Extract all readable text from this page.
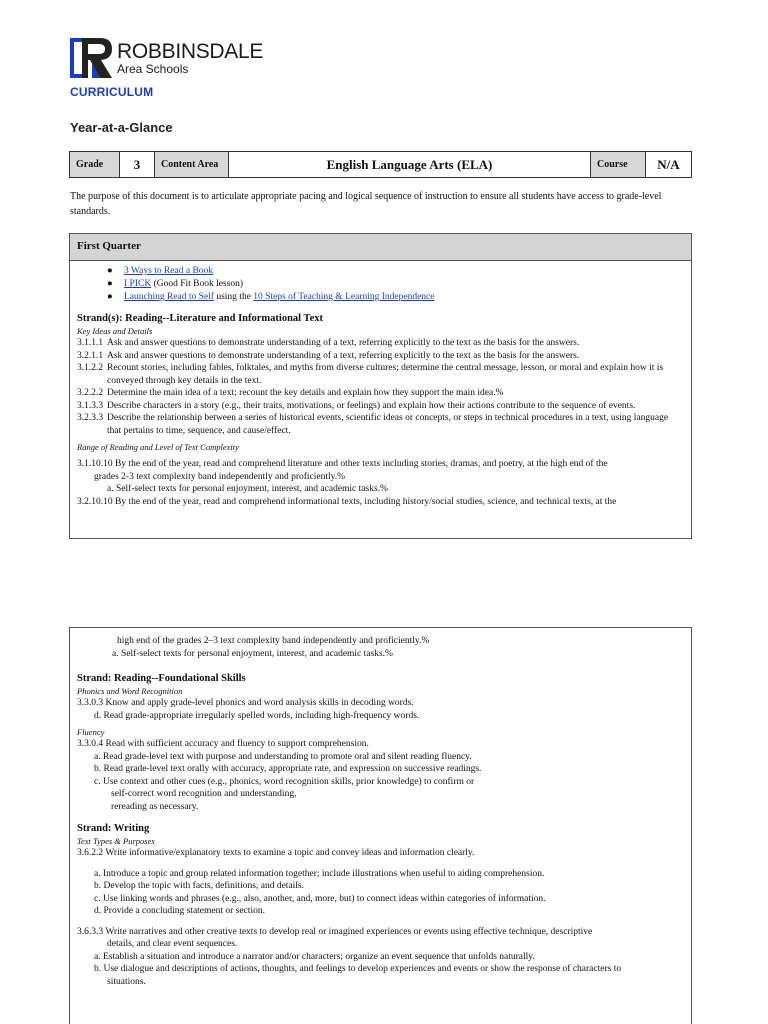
ROBBINSDALE
Area Schools
CURRICULUM
Year-at-a-Glance
Grade	3	Content Area	English Language Arts (ELA)	Course	N/A
The purpose of this document is to articulate appropriate pacing and logical sequence of instruction to ensure all students have access to grade-level standards.
First Quarter
● 3 Ways to Read a Book
● I PICK (Good Fit Book lesson)
● Launching Read to Self using the 10 Steps of Teaching & Learning Independence
Strand(s): Reading--Literature and Informational Text
Key Ideas and Details
3.1.1.1 Ask and answer questions to demonstrate understanding of a text, referring explicitly to the text as the basis for the answers.
3.2.1.1 Ask and answer questions to demonstrate understanding of a text, referring explicitly to the text as the basis for the answers.
3.1.2.2 Recount stories, including fables, folktales, and myths from diverse cultures; determine the central message, lesson, or moral and explain how it is conveyed through key details in the text.
3.2.2.2 Determine the main idea of a text; recount the key details and explain how they support the main idea.%
3.1.3.3 Describe characters in a story (e.g., their traits, motivations, or feelings) and explain how their actions contribute to the sequence of events.
3.2.3.3 Describe the relationship between a series of historical events, scientific ideas or concepts, or steps in technical procedures in a text, using language that pertains to time, sequence, and cause/effect.
Range of Reading and Level of Text Complexity
3.1.10.10 By the end of the year, read and comprehend literature and other texts including stories, dramas, and poetry, at the high end of the
grades 2-3 text complexity band independently and proficiently.%
a. Self-select texts for personal enjoyment, interest, and academic tasks.%
3.2.10.10 By the end of the year, read and comprehend informational texts, including history/social studies, science, and technical texts, at the
high end of the grades 2–3 text complexity band independently and proficiently.%
a. Self-select texts for personal enjoyment, interest, and academic tasks.%
Strand: Reading--Foundational Skills
Phonics and Word Recognition
3.3.0.3 Know and apply grade-level phonics and word analysis skills in decoding words.
d. Read grade-appropriate irregularly spelled words, including high-frequency words.
Fluency
3.3.0.4 Read with sufficient accuracy and fluency to support comprehension.
a. Read grade-level text with purpose and understanding to promote oral and silent reading fluency.
b. Read grade-level text orally with accuracy, appropriate rate, and expression on successive readings.
c. Use context and other cues (e.g., phonics, word recognition skills, prior knowledge) to confirm or
self-correct word recognition and understanding,
rereading as necessary.
Strand: Writing
Text Types & Purposes
3.6.2.2 Write informative/explanatory texts to examine a topic and convey ideas and information clearly.
a. Introduce a topic and group related information together; include illustrations when useful to aiding comprehension.
b. Develop the topic with facts, definitions, and details.
c. Use linking words and phrases (e.g., also, another, and, more, but) to connect ideas within categories of information.
d. Provide a concluding statement or section.
3.6.3.3 Write narratives and other creative texts to develop real or imagined experiences or events using effective technique, descriptive
details, and clear event sequences.
a. Establish a situation and introduce a narrator and/or characters; organize an event sequence that unfolds naturally.
b. Use dialogue and descriptions of actions, thoughts, and feelings to develop experiences and events or show the response of characters to
situations.
